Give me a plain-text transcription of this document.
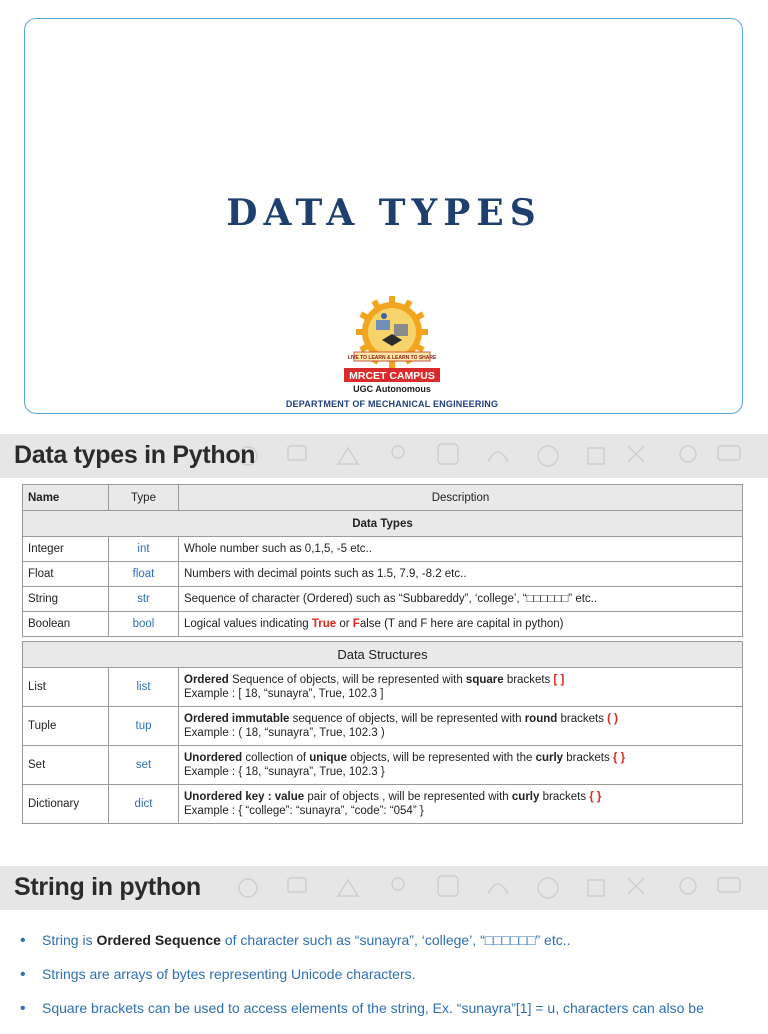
DATA TYPES
LIVE TO LEARN & LEARN TO SHARE
MRCET CAMPUS
UGC Autonomous
DEPARTMENT OF MECHANICAL ENGINEERING
Data types in Python
Name	Type	Description
Data Types		
Integer	int	Whole number such as 0,1,5, -5 etc..
Float	float	Numbers with decimal points such as 1.5, 7.9, -8.2 etc..
String	str	Sequence of character (Ordered) such as “Subbareddy”, ‘college’, “□□□□□□” etc..
Boolean	bool	Logical values indicating True or False (T and F here are capital in python)

Data Structures		
List	list	Ordered Sequence of objects, will be represented with square brackets [ ]
Example : [ 18, “sunayra”, True, 102.3 ]
Tuple	tup	Ordered immutable sequence of objects, will be represented with round brackets ( )
Example : ( 18, “sunayra”, True, 102.3 )
Set	set	Unordered collection of unique objects, will be represented with the curly brackets { }
Example : { 18, “sunayra”, True, 102.3 }
Dictionary	dict	Unordered key : value pair of objects , will be represented with curly brackets { }
Example : { “college”: “sunayra”, “code”: “054” }
String in python
• String is Ordered Sequence of character such as “sunayra”, ‘college’, “□□□□□□” etc..
• Strings are arrays of bytes representing Unicode characters.
• Square brackets can be used to access elements of the string, Ex. “sunayra”[1] = u, characters can also be
